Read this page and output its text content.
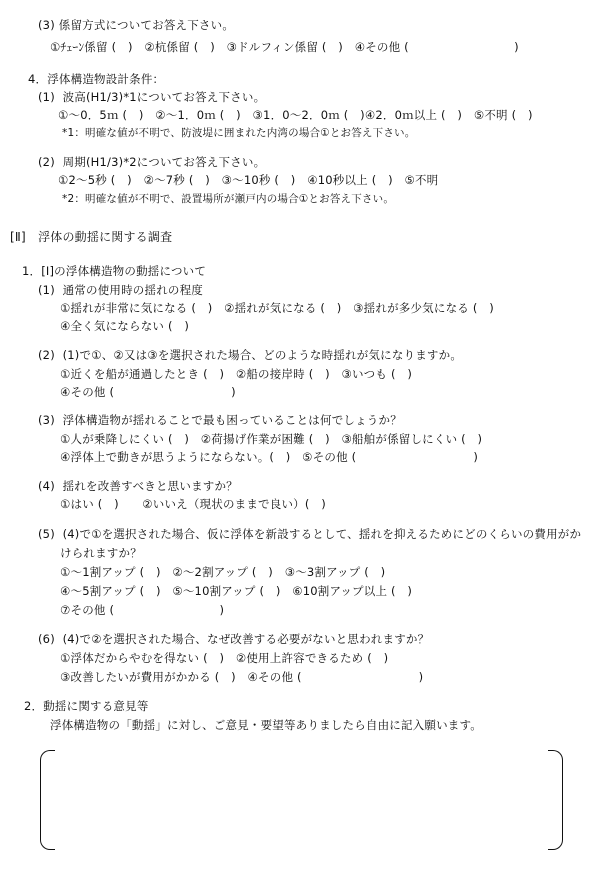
(3) 係留方式についてお答え下さい。
①ﾁｪｰﾝ係留 (　)　②杭係留 (　)　③ドルフィン係留 (　)　④その他 (　　　　　　　　　)
4．浮体構造物設計条件：
(1)  波高(H1/3)*1についてお答え下さい。
①～0．5ｍ (　)　②～1．0ｍ (　)　③1．0～2．0ｍ (　)④2．0ｍ以上 (　)　⑤不明 (　)
*1：明確な値が不明で、防波堤に囲まれた内湾の場合①とお答え下さい。
(2)  周期(H1/3)*2についてお答え下さい。
①2～5秒 (　)　②～7秒 (　)　③～10秒 (　)　④10秒以上 (　)　⑤不明
*2：明確な値が不明で、設置場所が瀬戸内の場合①とお答え下さい。
[Ⅱ]　浮体の動揺に関する調査
1．[Ⅰ]の浮体構造物の動揺について
(1)  通常の使用時の揺れの程度
①揺れが非常に気になる (　)　②揺れが気になる (　)　③揺れが多少気になる (　)
④全く気にならない (　)
(2)  (1)で①、②又は③を選択された場合、どのような時揺れが気になりますか。
①近くを船が通過したとき (　)　②船の接岸時 (　)　③いつも (　)
④その他 (　　　　　　　　　　)
(3)  浮体構造物が揺れることで最も困っていることは何でしょうか？
①人が乗降しにくい (　)　②荷揚げ作業が困難 (　)　③船舶が係留しにくい (　)
④浮体上で動きが思うようにならない。(　)　⑤その他 (　　　　　　　　　　)
(4)  揺れを改善すべきと思いますか？
①はい (　)　　②いいえ（現状のままで良い）(　)
(5)  (4)で①を選択された場合、仮に浮体を新設するとして、揺れを抑えるためにどのくらいの費用がか
けられますか？
①～1割アップ (　)　②～2割アップ (　)　③～3割アップ (　)
④～5割アップ (　)　⑤～10割アップ (　)　⑥10割アップ以上 (　)
⑦その他 (　　　　　　　　　)
(6)  (4)で②を選択された場合、なぜ改善する必要がないと思われますか？
①浮体だからやむを得ない (　)　②使用上許容できるため (　)
③改善したいが費用がかかる (　)　④その他 (　　　　　　　　　　)
2．動揺に関する意見等
浮体構造物の「動揺」に対し、ご意見・要望等ありましたら自由に記入願います。
